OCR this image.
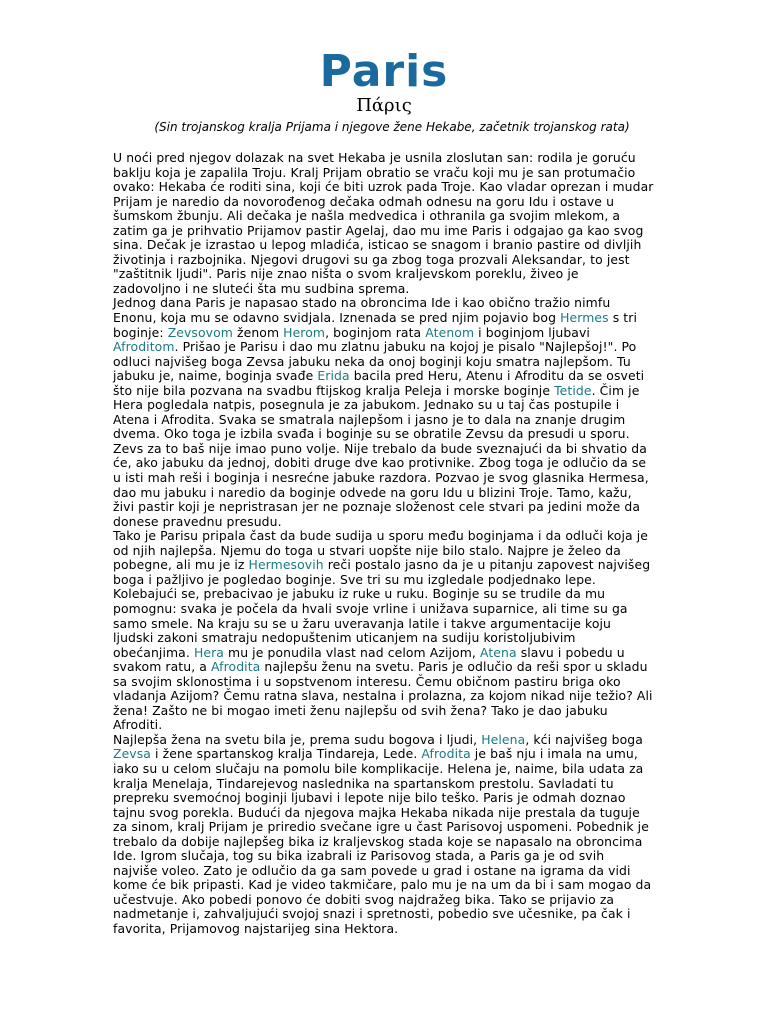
Paris
Πάρις
(Sin trojanskog kralja Prijama i njegove žene Hekabe, začetnik trojanskog rata)
U noći pred njegov dolazak na svet Hekaba je usnila zloslutan san: rodila je goruću
baklju koja je zapalila Troju. Kralj Prijam obratio se vraču koji mu je san protumačio
ovako: Hekaba će roditi sina, koji će biti uzrok pada Troje. Kao vladar oprezan i mudar
Prijam je naredio da novorođenog dečaka odmah odnesu na goru Idu i ostave u
šumskom žbunju. Ali dečaka je našla medvedica i othranila ga svojim mlekom, a
zatim ga je prihvatio Prijamov pastir Agelaj, dao mu ime Paris i odgajao ga kao svog
sina. Dečak je izrastao u lepog mladića, isticao se snagom i branio pastire od divljih
životinja i razbojnika. Njegovi drugovi su ga zbog toga prozvali Aleksandar, to jest
"zaštitnik ljudi". Paris nije znao ništa o svom kraljevskom poreklu, živeo je
zadovoljno i ne sluteći šta mu sudbina sprema.
Jednog dana Paris je napasao stado na obroncima Ide i kao obično tražio nimfu
Enonu, koja mu se odavno svidjala. Iznenada se pred njim pojavio bog Hermes s tri
boginje: Zevsovom ženom Herom, boginjom rata Atenom i boginjom ljubavi
Afroditom. Prišao je Parisu i dao mu zlatnu jabuku na kojoj je pisalo "Najlepšoj!". Po
odluci najvišeg boga Zevsa jabuku neka da onoj boginji koju smatra najlepšom. Tu
jabuku je, naime, boginja svađe Erida bacila pred Heru, Atenu i Afroditu da se osveti
što nije bila pozvana na svadbu ftijskog kralja Peleja i morske boginje Tetide. Čim je
Hera pogledala natpis, posegnula je za jabukom. Jednako su u taj čas postupile i
Atena i Afrodita. Svaka se smatrala najlepšom i jasno je to dala na znanje drugim
dvema. Oko toga je izbila svađa i boginje su se obratile Zevsu da presudi u sporu.
Zevs za to baš nije imao puno volje. Nije trebalo da bude sveznajući da bi shvatio da
će, ako jabuku da jednoj, dobiti druge dve kao protivnike. Zbog toga je odlučio da se
u isti mah reši i boginja i nesrećne jabuke razdora. Pozvao je svog glasnika Hermesa,
dao mu jabuku i naredio da boginje odvede na goru Idu u blizini Troje. Tamo, kažu,
živi pastir koji je nepristrasan jer ne poznaje složenost cele stvari pa jedini može da
donese pravednu presudu.
Tako je Parisu pripala čast da bude sudija u sporu među boginjama i da odluči koja je
od njih najlepša. Njemu do toga u stvari uopšte nije bilo stalo. Najpre je želeo da
pobegne, ali mu je iz Hermesovih reči postalo jasno da je u pitanju zapovest najvišeg
boga i pažljivo je pogledao boginje. Sve tri su mu izgledale podjednako lepe.
Kolebajući se, prebacivao je jabuku iz ruke u ruku. Boginje su se trudile da mu
pomognu: svaka je počela da hvali svoje vrline i unižava suparnice, ali time su ga
samo smele. Na kraju su se u žaru uveravanja latile i takve argumentacije koju
ljudski zakoni smatraju nedopuštenim uticanjem na sudiju koristoljubivim
obećanjima. Hera mu je ponudila vlast nad celom Azijom, Atena slavu i pobedu u
svakom ratu, a Afrodita najlepšu ženu na svetu. Paris je odlučio da reši spor u skladu
sa svojim sklonostima i u sopstvenom interesu. Čemu običnom pastiru briga oko
vladanja Azijom? Čemu ratna slava, nestalna i prolazna, za kojom nikad nije težio? Ali
žena! Zašto ne bi mogao imeti ženu najlepšu od svih žena? Tako je dao jabuku
Afroditi.
Najlepša žena na svetu bila je, prema sudu bogova i ljudi, Helena, kći najvišeg boga
Zevsa i žene spartanskog kralja Tindareja, Lede. Afrodita je baš nju i imala na umu,
iako su u celom slučaju na pomolu bile komplikacije. Helena je, naime, bila udata za
kralja Menelaja, Tindarejevog naslednika na spartanskom prestolu. Savladati tu
prepreku svemoćnoj boginji ljubavi i lepote nije bilo teško. Paris je odmah doznao
tajnu svog porekla. Budući da njegova majka Hekaba nikada nije prestala da tuguje
za sinom, kralj Prijam je priredio svečane igre u čast Parisovoj uspomeni. Pobednik je
trebalo da dobije najlepšeg bika iz kraljevskog stada koje se napasalo na obroncima
Ide. Igrom slučaja, tog su bika izabrali iz Parisovog stada, a Paris ga je od svih
najviše voleo. Zato je odlučio da ga sam povede u grad i ostane na igrama da vidi
kome će bik pripasti. Kad je video takmičare, palo mu je na um da bi i sam mogao da
učestvuje. Ako pobedi ponovo će dobiti svog najdražeg bika. Tako se prijavio za
nadmetanje i, zahvaljujući svojoj snazi i spretnosti, pobedio sve učesnike, pa čak i
favorita, Prijamovog najstarijeg sina Hektora.
